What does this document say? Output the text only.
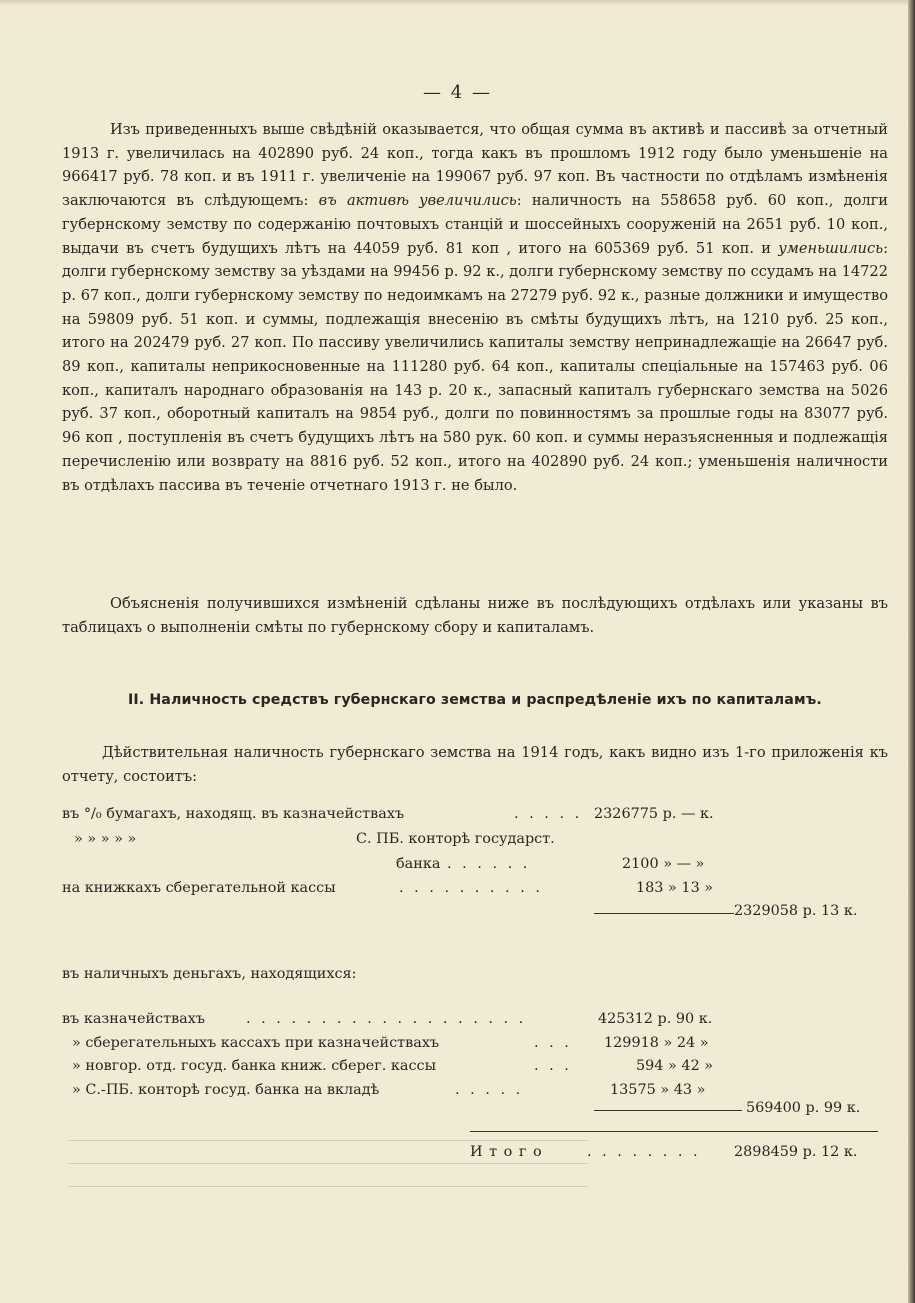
— 4 —

Изъ приведенныхъ выше свѣдѣній оказывается, что общая сумма въ активѣ и пассивѣ за отчетный 1913 г. увеличилась на 402890 руб. 24 коп., тогда какъ въ прошломъ 1912 году было уменьшеніе на 966417 руб. 78 коп. и въ 1911 г. увеличеніе на 199067 руб. 97 коп. Въ частности по отдѣламъ измѣненія заключаются въ слѣдующемъ: въ активѣ увеличились: наличность на 558658 руб. 60 коп., долги губернскому земству по содержанію почтовыхъ станцій и шоссейныхъ сооруженій на 2651 руб. 10 коп., выдачи въ счетъ будущихъ лѣтъ на 44059 руб. 81 коп , итого на 605369 руб. 51 коп. и уменьшились: долги губернскому земству за уѣздами на 99456 р. 92 к., долги губернскому земству по ссудамъ на 14722 р. 67 коп., долги губернскому земству по недоимкамъ на 27279 руб. 92 к., разные должники и имущество на 59809 руб. 51 коп. и суммы, подлежащія внесенію въ смѣты будущихъ лѣтъ, на 1210 руб. 25 коп., итого на 202479 руб. 27 коп. По пассиву увеличились капиталы земству непринадлежащіе на 26647 руб. 89 коп., капиталы неприкосновенные на 111280 руб. 64 коп., капиталы спеціальные на 157463 руб. 06 коп., капиталъ народнаго образованія на 143 р. 20 к., запасный капиталъ губернскаго земства на 5026 руб. 37 коп., оборотный капиталъ на 9854 руб., долги по повинностямъ за прошлые годы на 83077 руб. 96 коп , поступленія въ счетъ будущихъ лѣтъ на 580 рук. 60 коп. и суммы неразъясненныя и подлежащія перечисленію или возврату на 8816 руб. 52 коп., итого на 402890 руб. 24 коп.; уменьшенія наличности въ отдѣлахъ пассива въ теченіе отчетнаго 1913 г. не было.

Объясненія получившихся измѣненій сдѣланы ниже въ послѣдующихъ отдѣлахъ или указаны въ таблицахъ о выполненіи смѣты по губернскому сбору и капиталамъ.

II. Наличность средствъ губернскаго земства и распредѣленіе ихъ по капиталамъ.

Дѣйствительная наличность губернскаго земства на 1914 годъ, какъ видно изъ 1-го приложенія къ отчету, состоитъ:

въ °/₀ бумагахъ, находящ. въ казначействахъ	. . . . . 2326775 р. — к.
» » » » »	С. ПБ. конторѣ государст.
банка . . . . . .	2100 » — »
на книжкахъ сберегательной кассы	. . . . . . . . . .	183 » 13 »
2329058 р. 13 к.
въ наличныхъ деньгахъ, находящихся:
въ казначействахъ	. . . . . . . . . . . . . . . . . . .	425312 р. 90 к.
» сберегательныхъ кассахъ при казначействахъ	. . . 129918 » 24 »
» новгор. отд. госуд. банка книж. сберег. кассы	. . .	594 » 42 »
» С.-ПБ. конторѣ госуд. банка на вкладѣ	. . . . .	13575 » 43 »
569400 р. 99 к.
И т о г о	. . . . . . . . 2898459 р. 12 к.
